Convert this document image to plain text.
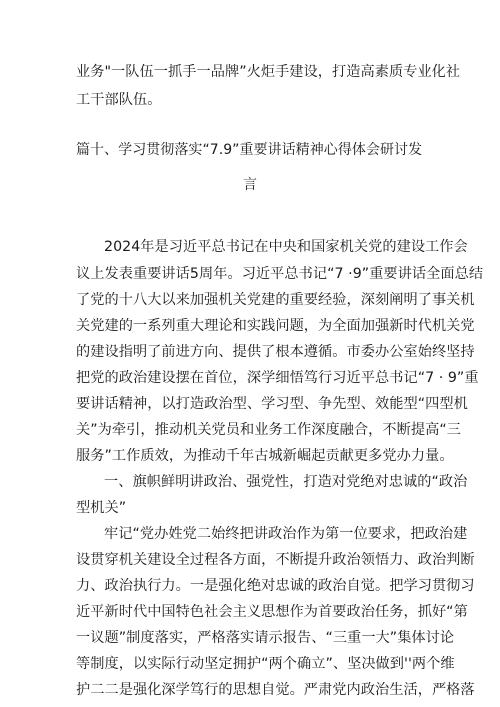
业务"一队伍一抓手一品牌”火炬手建设，打造高素质专业化社
工干部队伍。
篇十、学习贯彻落实“7.9”重要讲话精神心得体会研讨发
言
2024年是习近平总书记在中央和国家机关党的建设工作会
议上发表重要讲话5周年。习近平总书记“7 ·9”重要讲话全面总结
了党的十八大以来加强机关党建的重要经验，深刻阐明了事关机
关党建的一系列重大理论和实践问题，为全面加强新时代机关党
的建设指明了前进方向、提供了根本遵循。市委办公室始终坚持
把党的政治建设摆在首位，深学细悟笃行习近平总书记“7 · 9”重
要讲话精神，以打造政治型、学习型、争先型、效能型“四型机
关”为牵引，推动机关党员和业务工作深度融合，不断提高“三
服务”工作质效，为推动千年古城新崛起贡献更多党办力量。
一、旗帜鲜明讲政治、强党性，打造对党绝对忠诚的“政治
型机关”
牢记“党办姓党二始终把讲政治作为第一位要求，把政治建
设贯穿机关建设全过程各方面，不断提升政治领悟力、政治判断
力、政治执行力。一是强化绝对忠诚的政治自觉。把学习贯彻习
近平新时代中国特色社会主义思想作为首要政治任务，抓好“第
一议题”制度落实，严格落实请示报告、“三重一大”集体讨论
等制度，以实际行动坚定拥护“两个确立”、坚决做到''两个维
护二二是强化深学笃行的思想自觉。严肃党内政治生活，严格落
